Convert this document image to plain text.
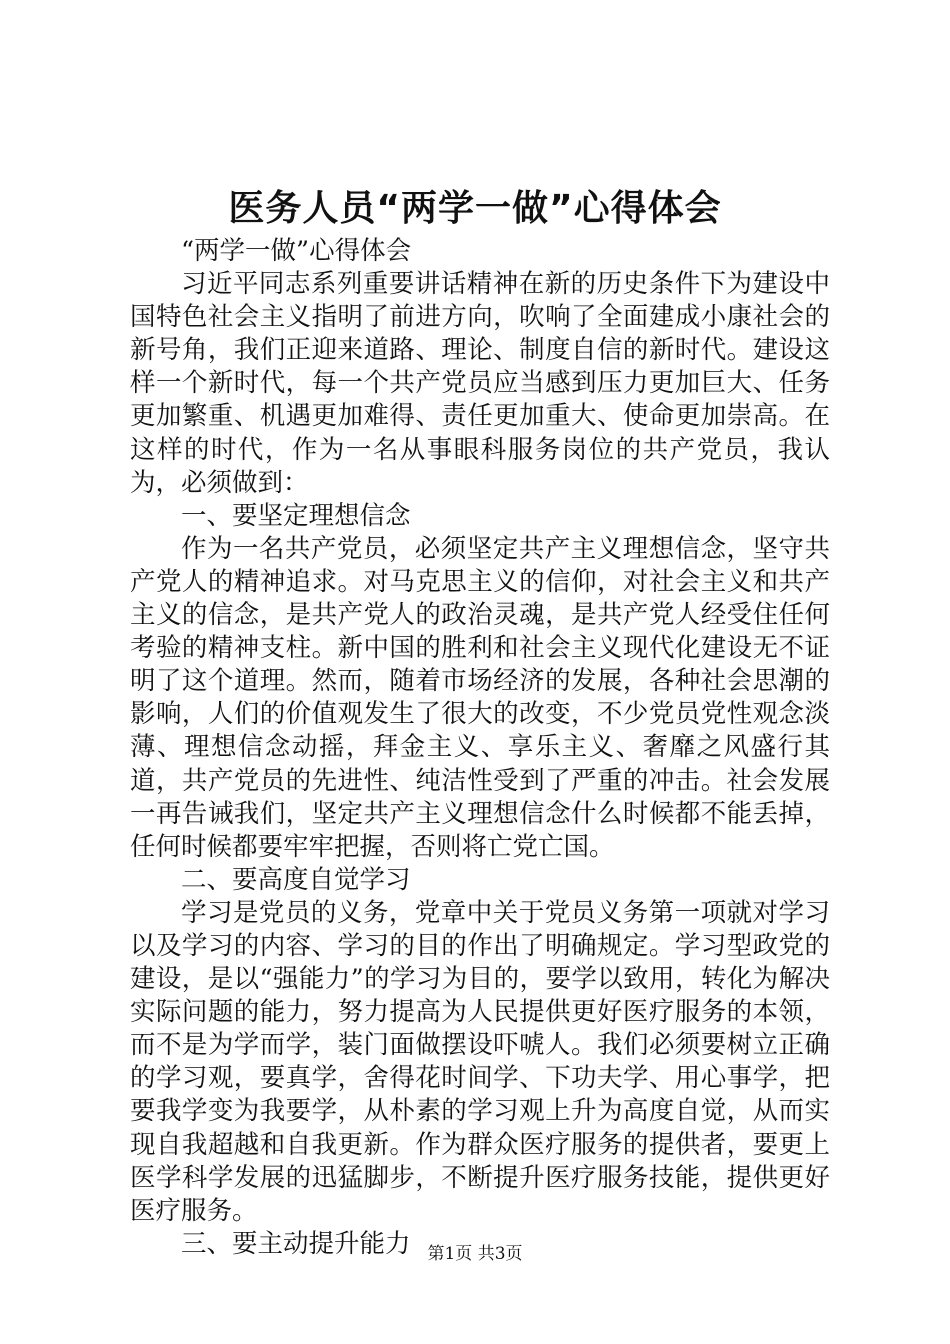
医务人员“两学一做”心得体会

“两学一做”心得体会

习近平同志系列重要讲话精神在新的历史条件下为建设中国特色社会主义指明了前进方向，吹响了全面建成小康社会的新号角，我们正迎来道路、理论、制度自信的新时代。建设这样一个新时代，每一个共产党员应当感到压力更加巨大、任务更加繁重、机遇更加难得、责任更加重大、使命更加崇高。在这样的时代，作为一名从事眼科服务岗位的共产党员，我认为，必须做到：

一、要坚定理想信念

作为一名共产党员，必须坚定共产主义理想信念，坚守共产党人的精神追求。对马克思主义的信仰，对社会主义和共产主义的信念，是共产党人的政治灵魂，是共产党人经受住任何考验的精神支柱。新中国的胜利和社会主义现代化建设无不证明了这个道理。然而，随着市场经济的发展，各种社会思潮的影响，人们的价值观发生了很大的改变，不少党员党性观念淡薄、理想信念动摇，拜金主义、享乐主义、奢靡之风盛行其道，共产党员的先进性、纯洁性受到了严重的冲击。社会发展一再告诫我们，坚定共产主义理想信念什么时候都不能丢掉，任何时候都要牢牢把握，否则将亡党亡国。

二、要高度自觉学习

学习是党员的义务，党章中关于党员义务第一项就对学习以及学习的内容、学习的目的作出了明确规定。学习型政党的建设，是以“强能力”的学习为目的，要学以致用，转化为解决实际问题的能力，努力提高为人民提供更好医疗服务的本领，而不是为学而学，装门面做摆设吓唬人。我们必须要树立正确的学习观，要真学，舍得花时间学、下功夫学、用心事学，把要我学变为我要学，从朴素的学习观上升为高度自觉，从而实现自我超越和自我更新。作为群众医疗服务的提供者，要更上医学科学发展的迅猛脚步，不断提升医疗服务技能，提供更好医疗服务。

三、要主动提升能力 第1页 共3页
